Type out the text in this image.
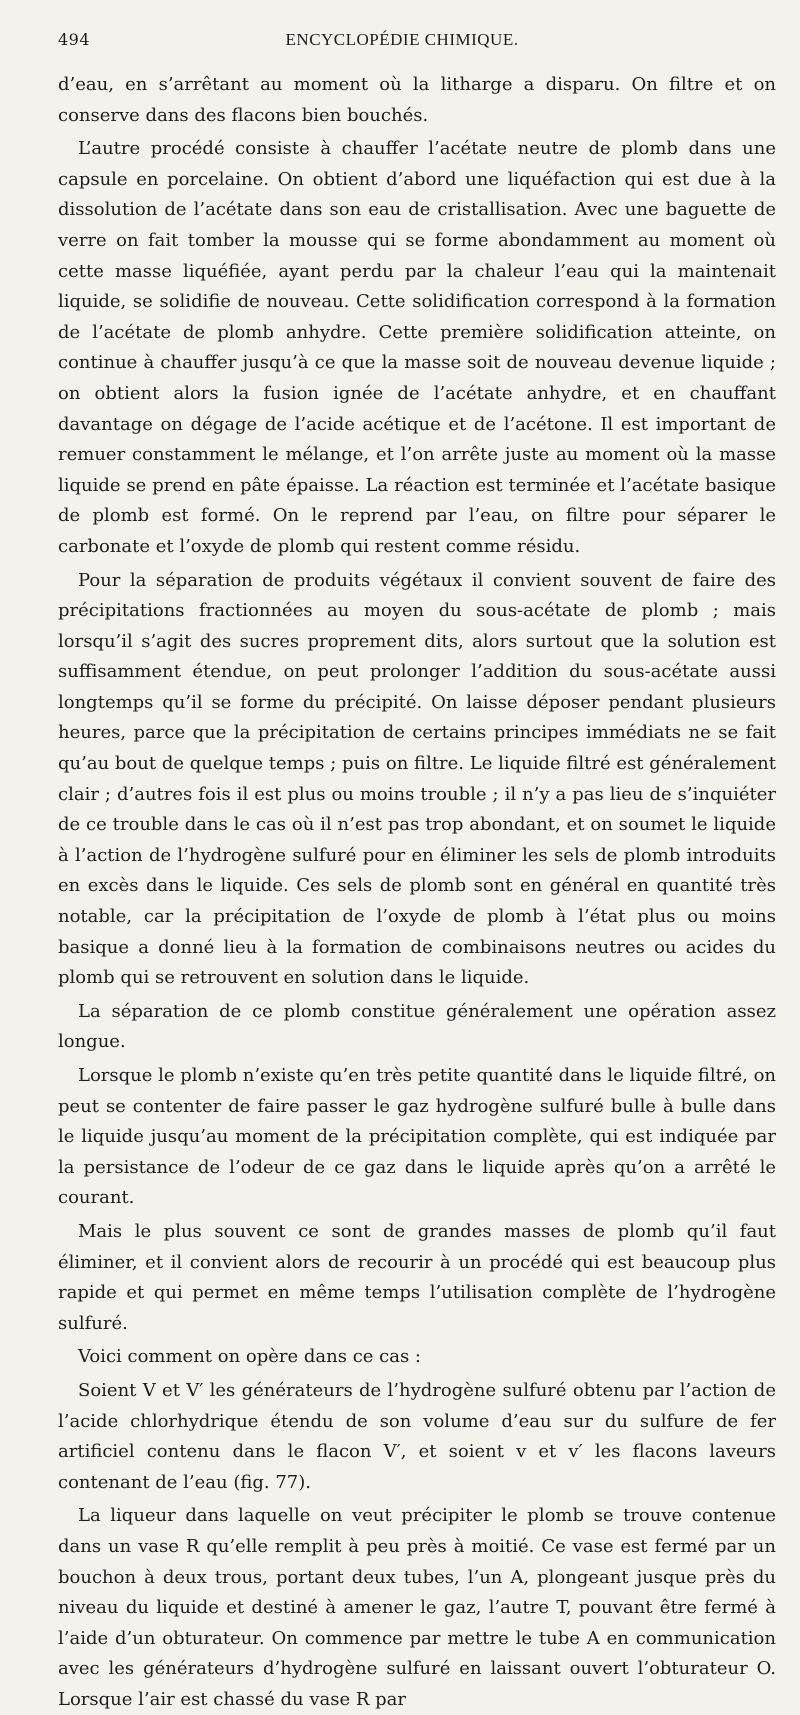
494	ENCYCLOPÉDIE CHIMIQUE.

d’eau, en s’arrêtant au moment où la litharge a disparu. On filtre et on conserve dans des flacons bien bouchés.

L’autre procédé consiste à chauffer l’acétate neutre de plomb dans une capsule en porcelaine. On obtient d’abord une liquéfaction qui est due à la dissolution de l’acétate dans son eau de cristallisation. Avec une baguette de verre on fait tomber la mousse qui se forme abondamment au moment où cette masse liquéfiée, ayant perdu par la chaleur l’eau qui la maintenait liquide, se solidifie de nouveau. Cette solidification correspond à la formation de l’acétate de plomb anhydre. Cette première solidification atteinte, on continue à chauffer jusqu’à ce que la masse soit de nouveau devenue liquide ; on obtient alors la fusion ignée de l’acétate anhydre, et en chauffant davantage on dégage de l’acide acétique et de l’acétone. Il est important de remuer constamment le mélange, et l’on arrête juste au moment où la masse liquide se prend en pâte épaisse. La réaction est terminée et l’acétate basique de plomb est formé. On le reprend par l’eau, on filtre pour séparer le carbonate et l’oxyde de plomb qui restent comme résidu.

Pour la séparation de produits végétaux il convient souvent de faire des précipitations fractionnées au moyen du sous-acétate de plomb ; mais lorsqu’il s’agit des sucres proprement dits, alors surtout que la solution est suffisamment étendue, on peut prolonger l’addition du sous-acétate aussi longtemps qu’il se forme du précipité. On laisse déposer pendant plusieurs heures, parce que la précipitation de certains principes immédiats ne se fait qu’au bout de quelque temps ; puis on filtre. Le liquide filtré est généralement clair ; d’autres fois il est plus ou moins trouble ; il n’y a pas lieu de s’inquiéter de ce trouble dans le cas où il n’est pas trop abondant, et on soumet le liquide à l’action de l’hydrogène sulfuré pour en éliminer les sels de plomb introduits en excès dans le liquide. Ces sels de plomb sont en général en quantité très notable, car la précipitation de l’oxyde de plomb à l’état plus ou moins basique a donné lieu à la formation de combinaisons neutres ou acides du plomb qui se retrouvent en solution dans le liquide.

La séparation de ce plomb constitue généralement une opération assez longue.

Lorsque le plomb n’existe qu’en très petite quantité dans le liquide filtré, on peut se contenter de faire passer le gaz hydrogène sulfuré bulle à bulle dans le liquide jusqu’au moment de la précipitation complète, qui est indiquée par la persistance de l’odeur de ce gaz dans le liquide après qu’on a arrêté le courant.

Mais le plus souvent ce sont de grandes masses de plomb qu’il faut éliminer, et il convient alors de recourir à un procédé qui est beaucoup plus rapide et qui permet en même temps l’utilisation complète de l’hydrogène sulfuré.

Voici comment on opère dans ce cas :

Soient V et V′ les générateurs de l’hydrogène sulfuré obtenu par l’action de l’acide chlorhydrique étendu de son volume d’eau sur du sulfure de fer artificiel contenu dans le flacon V′, et soient v et v′ les flacons laveurs contenant de l’eau (fig. 77).

La liqueur dans laquelle on veut précipiter le plomb se trouve contenue dans un vase R qu’elle remplit à peu près à moitié. Ce vase est fermé par un bouchon à deux trous, portant deux tubes, l’un A, plongeant jusque près du niveau du liquide et destiné à amener le gaz, l’autre T, pouvant être fermé à l’aide d’un obturateur. On commence par mettre le tube A en communication avec les générateurs d’hydrogène sulfuré en laissant ouvert l’obturateur O. Lorsque l’air est chassé du vase R par
